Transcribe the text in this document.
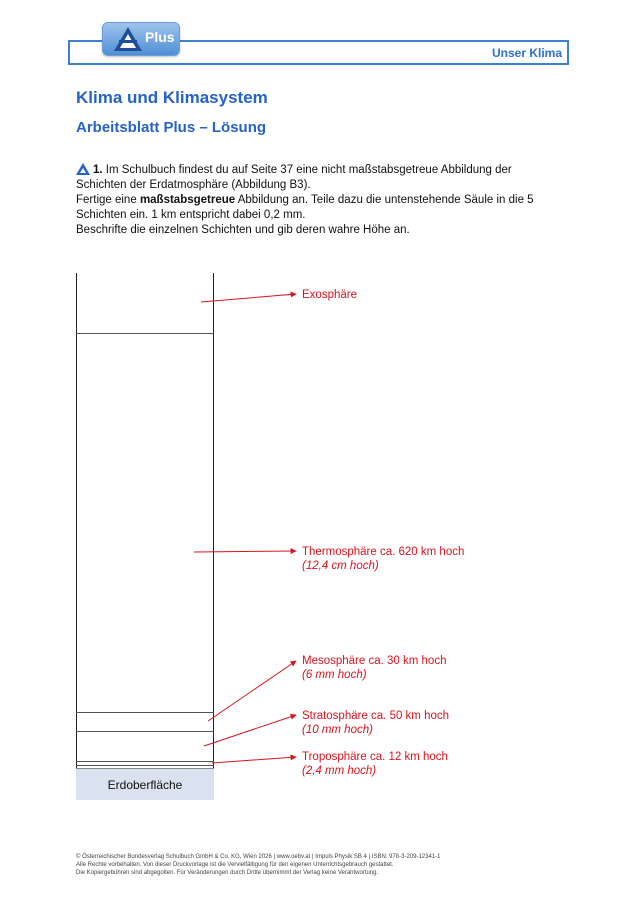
Plus
Unser Klima
Klima und Klimasystem
Arbeitsblatt Plus – Lösung

1. Im Schulbuch findest du auf Seite 37 eine nicht maßstabsgetreue Abbildung der Schichten der Erdatmosphäre (Abbildung B3).

Fertige eine maßstabsgetreue Abbildung an. Teile dazu die untenstehende Säule in die 5 Schichten ein. 1 km entspricht dabei 0,2 mm.

Beschrifte die einzelnen Schichten und gib deren wahre Höhe an.

Erdoberfläche
Exosphäre
Thermosphäre ca. 620 km hoch
(12,4 cm hoch)
Mesosphäre ca. 30 km hoch
(6 mm hoch)
Stratosphäre ca. 50 km hoch
(10 mm hoch)
Troposphäre ca. 12 km hoch
(2,4 mm hoch)
© Österreichischer Bundesverlag Schulbuch GmbH & Co. KG, Wien 2026 | www.oebv.at | Impuls Physik SB 4 | ISBN: 978-3-209-12341-1
Alle Rechte vorbehalten. Von dieser Druckvorlage ist die Vervielfältigung für den eigenen Unterrichtsgebrauch gestattet.
Die Kopiergebühren sind abgegolten. Für Veränderungen durch Dritte übernimmt der Verlag keine Verantwortung.
